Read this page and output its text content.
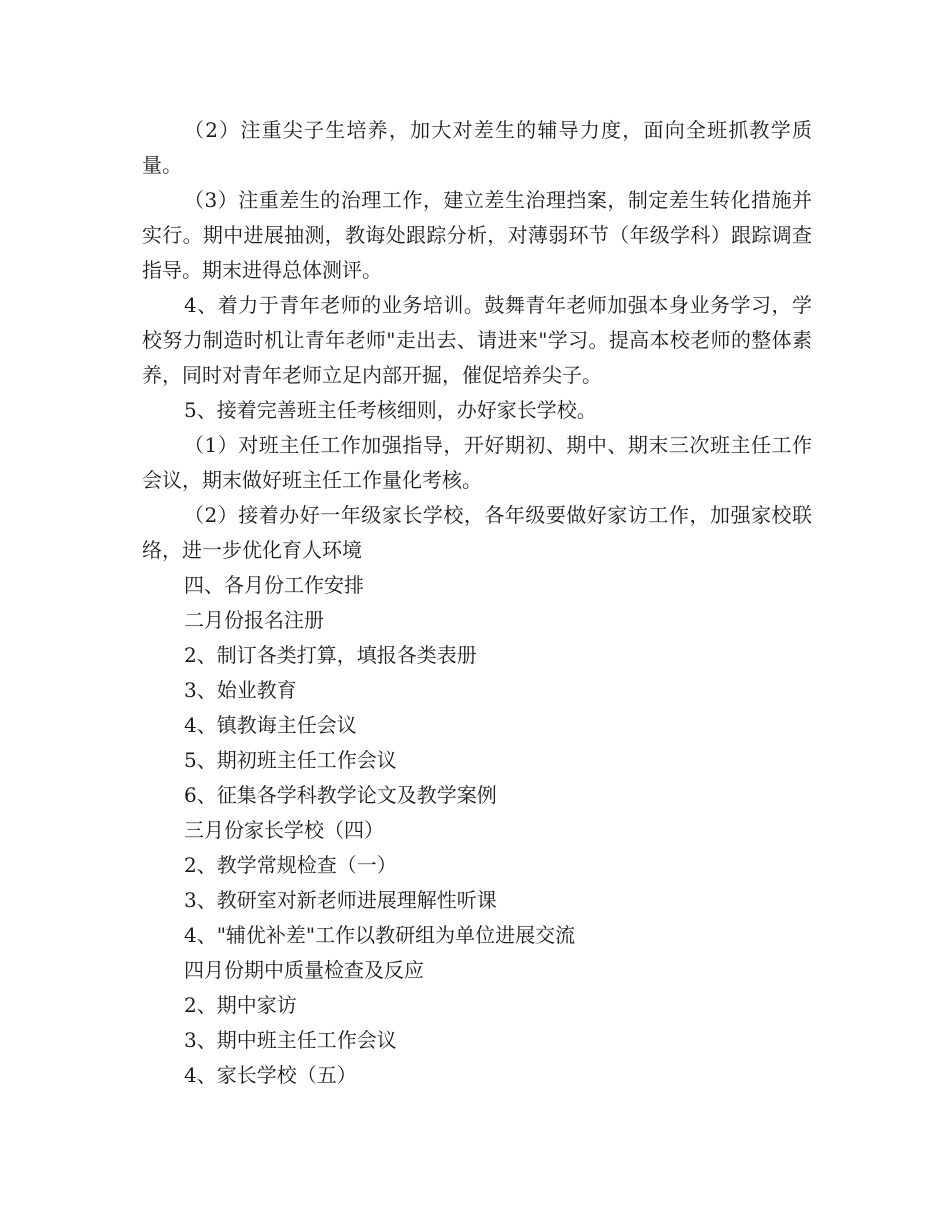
（2）注重尖子生培养，加大对差生的辅导力度，面向全班抓教学质量。

（3）注重差生的治理工作，建立差生治理挡案，制定差生转化措施并实行。期中进展抽测，教诲处跟踪分析，对薄弱环节（年级学科）跟踪调查指导。期末进得总体测评。

4、着力于青年老师的业务培训。鼓舞青年老师加强本身业务学习，学校努力制造时机让青年老师"走出去、请进来"学习。提高本校老师的整体素养，同时对青年老师立足内部开掘，催促培养尖子。

5、接着完善班主任考核细则，办好家长学校。

（1）对班主任工作加强指导，开好期初、期中、期末三次班主任工作会议，期末做好班主任工作量化考核。

（2）接着办好一年级家长学校，各年级要做好家访工作，加强家校联络，进一步优化育人环境

四、各月份工作安排

二月份报名注册

2、制订各类打算，填报各类表册

3、始业教育

4、镇教诲主任会议

5、期初班主任工作会议

6、征集各学科教学论文及教学案例

三月份家长学校（四）

2、教学常规检查（一）

3、教研室对新老师进展理解性听课

4、"辅优补差"工作以教研组为单位进展交流

四月份期中质量检查及反应

2、期中家访

3、期中班主任工作会议

4、家长学校（五）
